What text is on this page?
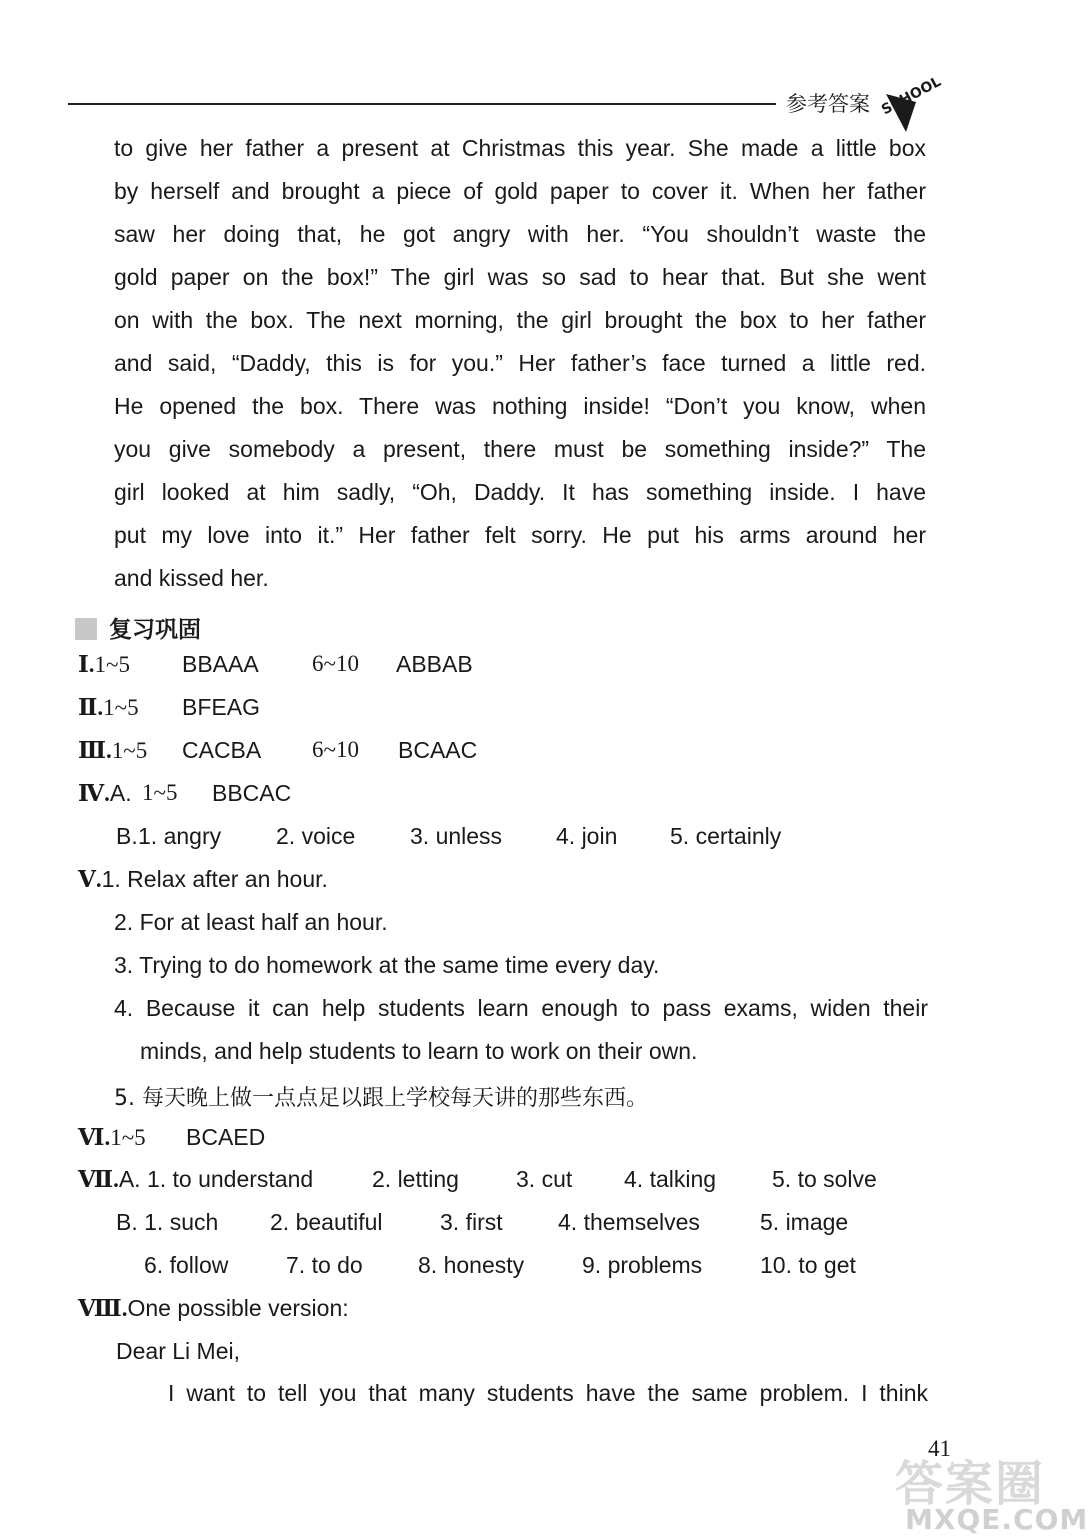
参考答案 SCHOOL
to give her father a present at Christmas this year. She made a little box
by herself and brought a piece of gold paper to cover it. When her father
saw her doing that, he got angry with her. “You shouldn’t waste the
gold paper on the box!” The girl was so sad to hear that. But she went
on with the box. The next morning, the girl brought the box to her father
and said, “Daddy, this is for you.” Her father’s face turned a little red.
He opened the box. There was nothing inside! “Don’t you know, when
you give somebody a present, there must be something inside?” The
girl looked at him sadly, “Oh, Daddy. It has something inside. I have
put my love into it.” Her father felt sorry. He put his arms around her
and kissed her.
复习巩固
Ⅰ.1~5 BBAAA 6~10 ABBAB
Ⅱ.1~5 BFEAG
Ⅲ.1~5 CACBA 6~10 BCAAC
Ⅳ.A. 1~5 BBCAC
B. 1. angry 2. voice 3. unless 4. join 5. certainly
Ⅴ.1. Relax after an hour.
2. For at least half an hour.
3. Trying to do homework at the same time every day.
4. Because it can help students learn enough to pass exams, widen their
minds, and help students to learn to work on their own.
5. 每天晚上做一点点足以跟上学校每天讲的那些东西。
Ⅵ.1~5 BCAED
Ⅶ.A. 1. to understand	2. letting 3. cut 4. talking 5. to solve
B. 1. such 2. beautiful 3. first 4. themselves	5. image
6. follow	7. to do 8. honesty	9. problems	10. to get
Ⅷ.One possible version:
Dear Li Mei,
I want to tell you that many students have the same problem. I think
答案圈
MXQE.COM
41
